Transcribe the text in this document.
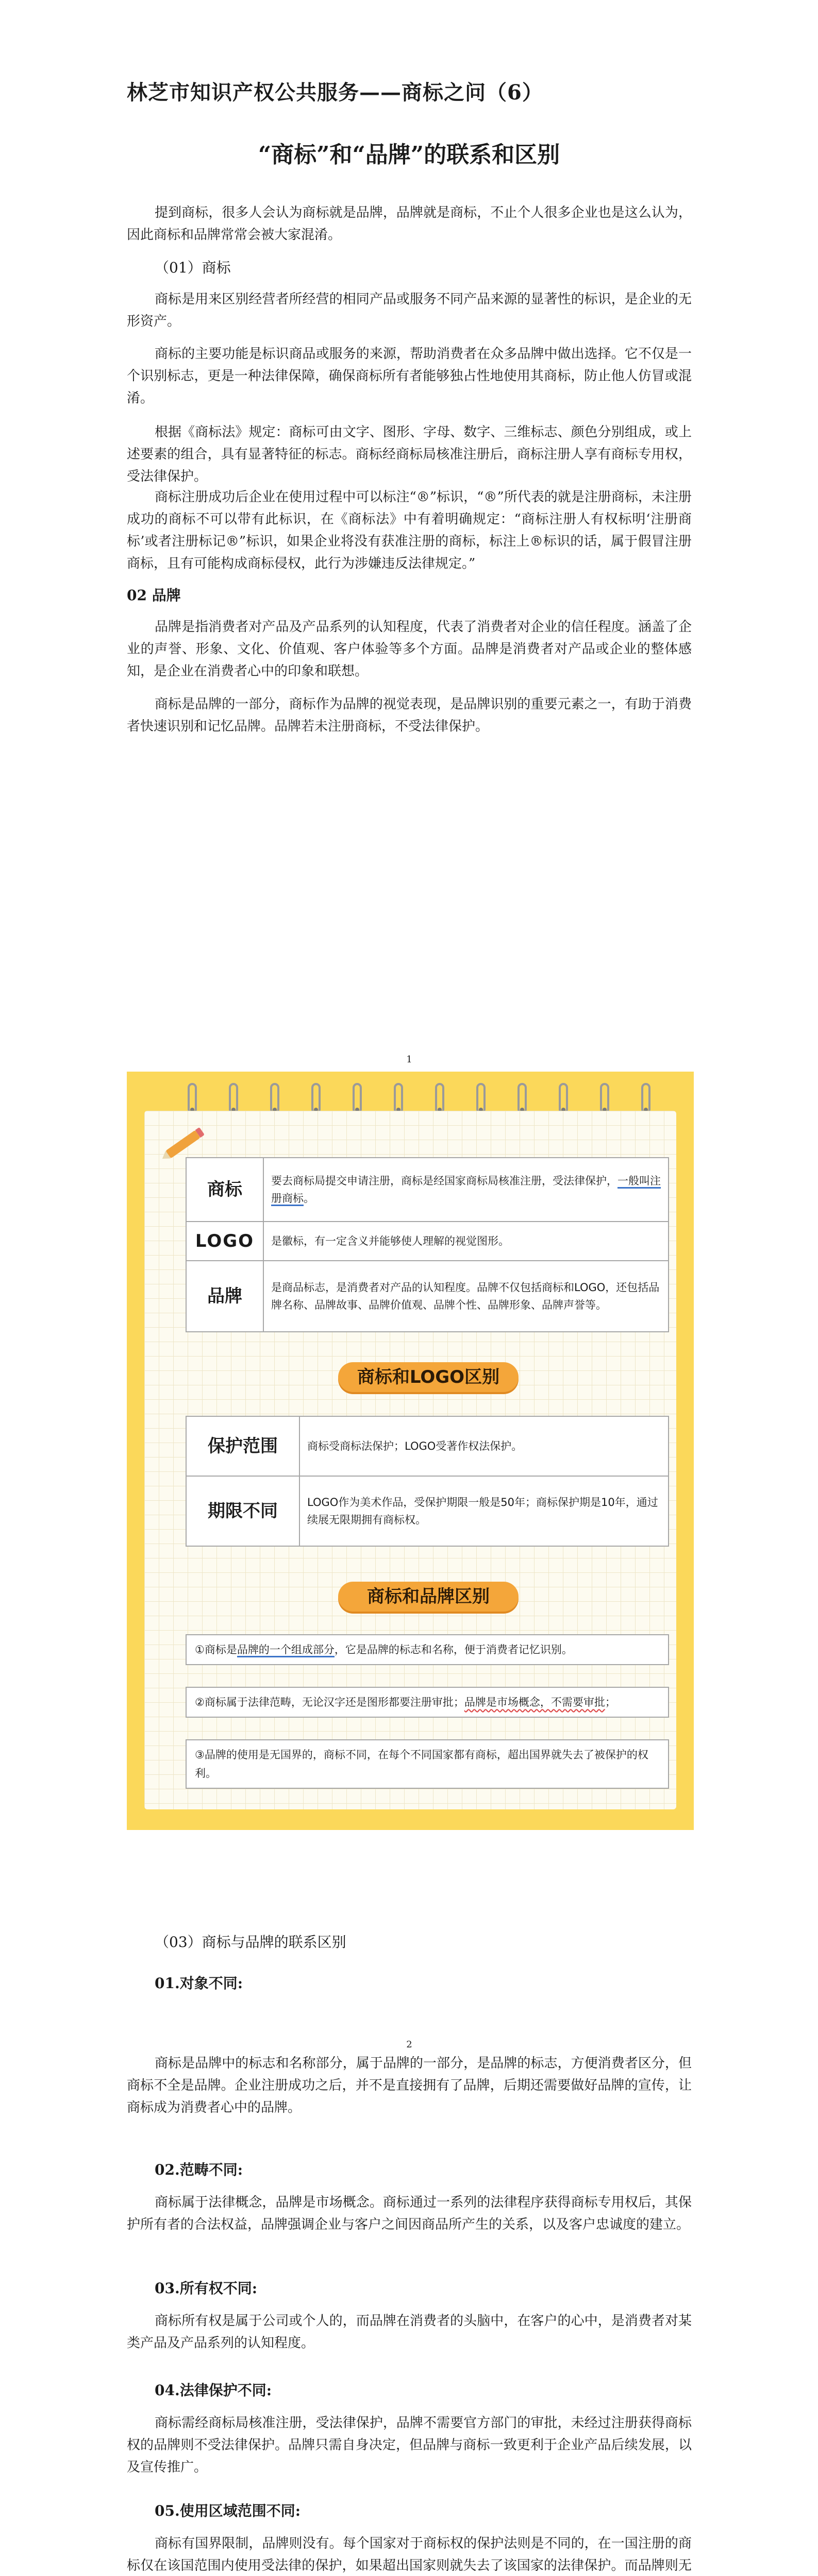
林芝市知识产权公共服务——商标之问（6）
“商标”和“品牌”的联系和区别
提到商标，很多人会认为商标就是品牌，品牌就是商标，不止个人很多企业也是这么认为，因此商标和品牌常常会被大家混淆。
（01）商标
商标是用来区别经营者所经营的相同产品或服务不同产品来源的显著性的标识，是企业的无形资产。
商标的主要功能是标识商品或服务的来源，帮助消费者在众多品牌中做出选择。它不仅是一个识别标志，更是一种法律保障，确保商标所有者能够独占性地使用其商标，防止他人仿冒或混淆。
根据《商标法》规定：商标可由文字、图形、字母、数字、三维标志、颜色分别组成，或上述要素的组合，具有显著特征的标志。商标经商标局核准注册后，商标注册人享有商标专用权，受法律保护。
商标注册成功后企业在使用过程中可以标注“®”标识，“®”所代表的就是注册商标，未注册成功的商标不可以带有此标识，在《商标法》中有着明确规定：“商标注册人有权标明‘注册商标’或者注册标记®”标识，如果企业将没有获准注册的商标，标注上®标识的话，属于假冒注册商标，且有可能构成商标侵权，此行为涉嫌违反法律规定。”
02 品牌
品牌是指消费者对产品及产品系列的认知程度，代表了消费者对企业的信任程度。涵盖了企业的声誉、形象、文化、价值观、客户体验等多个方面。品牌是消费者对产品或企业的整体感知，是企业在消费者心中的印象和联想。
商标是品牌的一部分，商标作为品牌的视觉表现，是品牌识别的重要元素之一，有助于消费者快速识别和记忆品牌。品牌若未注册商标，不受法律保护。
1
商标	要去商标局提交申请注册，商标是经国家商标局核准注册，受法律保护，一般叫注册商标。
LOGO	是徽标，有一定含义并能够使人理解的视觉图形。
品牌	是商品标志，是消费者对产品的认知程度。品牌不仅包括商标和LOGO，还包括品牌名称、品牌故事、品牌价值观、品牌个性、品牌形象、品牌声誉等。
商标和LOGO区别
保护范围	商标受商标法保护；LOGO受著作权法保护。
期限不同	LOGO作为美术作品，受保护期限一般是50年；商标保护期是10年，通过续展无限期拥有商标权。
商标和品牌区别
①商标是品牌的一个组成部分，它是品牌的标志和名称，便于消费者记忆识别。
②商标属于法律范畴，无论汉字还是图形都要注册审批；品牌是市场概念，不需要审批；
③品牌的使用是无国界的，商标不同，在每个不同国家都有商标，超出国界就失去了被保护的权利。
（03）商标与品牌的联系区别
01.对象不同:
2
商标是品牌中的标志和名称部分，属于品牌的一部分，是品牌的标志，方便消费者区分，但商标不全是品牌。企业注册成功之后，并不是直接拥有了品牌，后期还需要做好品牌的宣传，让商标成为消费者心中的品牌。
02.范畴不同:
商标属于法律概念，品牌是市场概念。商标通过一系列的法律程序获得商标专用权后，其保护所有者的合法权益，品牌强调企业与客户之间因商品所产生的关系，以及客户忠诚度的建立。
03.所有权不同:
商标所有权是属于公司或个人的，而品牌在消费者的头脑中，在客户的心中，是消费者对某类产品及产品系列的认知程度。
04.法律保护不同:
商标需经商标局核准注册，受法律保护，品牌不需要官方部门的审批，未经过注册获得商标权的品牌则不受法律保护。品牌只需自身决定，但品牌与商标一致更利于企业产品后续发展，以及宣传推广。
05.使用区域范围不同:
商标有国界限制，品牌则没有。每个国家对于商标权的保护法则是不同的，在一国注册的商标仅在该国范围内使用受法律的保护，如果超出国家则就失去了该国家的法律保护。而品牌则无
